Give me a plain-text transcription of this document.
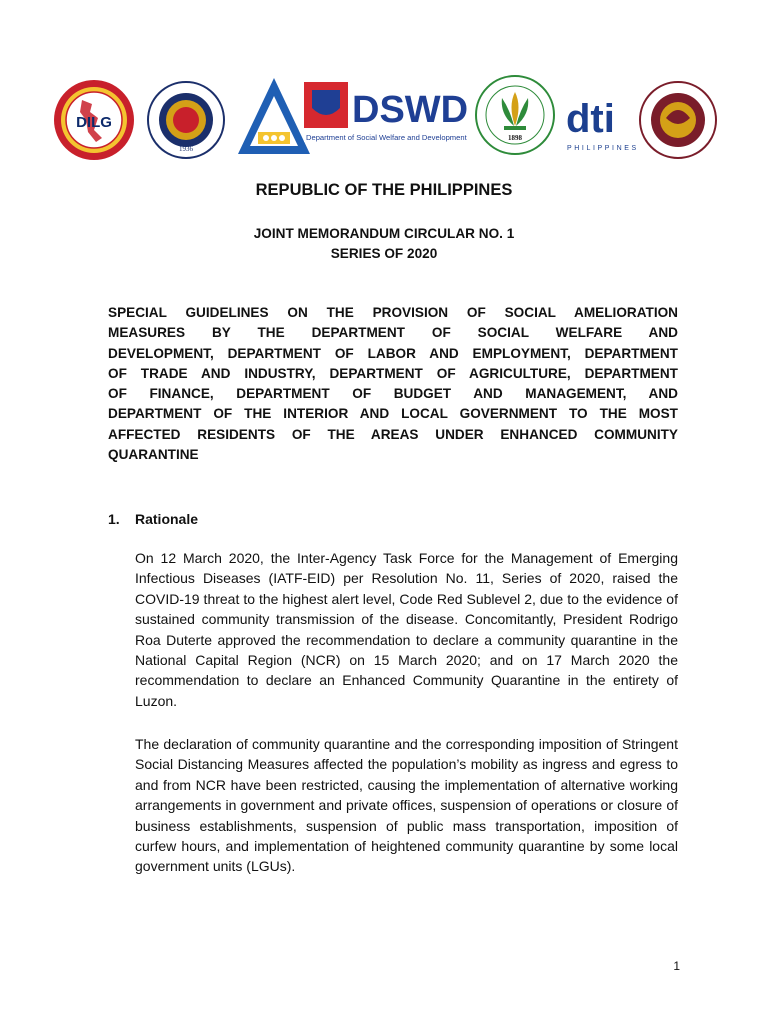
DILG
1936
DSWD
Department of Social Welfare and Development	1898 dti
PHILIPPINES
REPUBLIC OF THE PHILIPPINES
JOINT MEMORANDUM CIRCULAR NO. 1
SERIES OF 2020
SPECIAL GUIDELINES ON THE PROVISION OF SOCIAL AMELIORATION
MEASURES BY THE DEPARTMENT OF SOCIAL WELFARE AND
DEVELOPMENT, DEPARTMENT OF LABOR AND EMPLOYMENT, DEPARTMENT
OF TRADE AND INDUSTRY, DEPARTMENT OF AGRICULTURE, DEPARTMENT
OF FINANCE, DEPARTMENT OF BUDGET AND MANAGEMENT, AND
DEPARTMENT OF THE INTERIOR AND LOCAL GOVERNMENT TO THE MOST
AFFECTED RESIDENTS OF THE AREAS UNDER ENHANCED COMMUNITY
QUARANTINE
1. Rationale

On 12 March 2020, the Inter-Agency Task Force for the Management of Emerging Infectious Diseases (IATF-EID) per Resolution No. 11, Series of 2020, raised the COVID-19 threat to the highest alert level, Code Red Sublevel 2, due to the evidence of sustained community transmission of the disease. Concomitantly, President Rodrigo Roa Duterte approved the recommendation to declare a community quarantine in the National Capital Region (NCR) on 15 March 2020; and on 17 March 2020 the recommendation to declare an Enhanced Community Quarantine in the entirety of Luzon.

The declaration of community quarantine and the corresponding imposition of Stringent Social Distancing Measures affected the population’s mobility as ingress and egress to and from NCR have been restricted, causing the implementation of alternative working arrangements in government and private offices, suspension of operations or closure of business establishments, suspension of public mass transportation, imposition of curfew hours, and implementation of heightened community quarantine by some local government units (LGUs).

1
